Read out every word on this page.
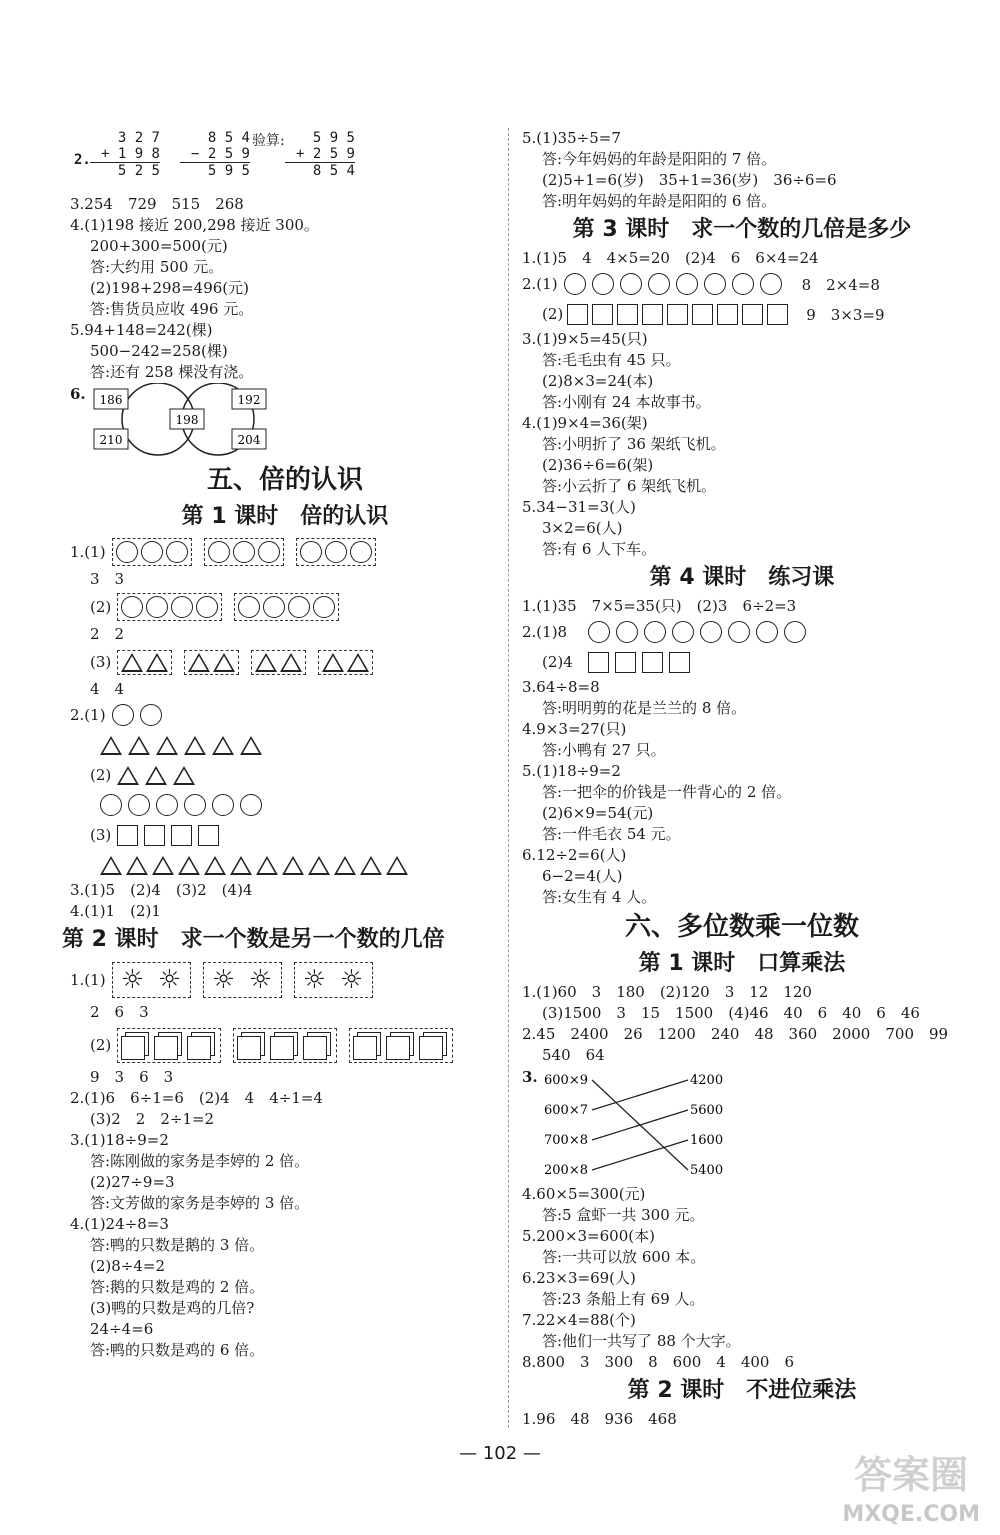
2.
3 2 7
+ 1 9 8
5 2 5
8 5 4
− 2 5 9
5 9 5
验算:	5 9 5
+ 2 5 9
8 5 4
3.254　729　515　268
4.(1)198 接近 200,298 接近 300。
200+300=500(元)
答:大约用 500 元。
(2)198+298=496(元)
答:售货员应收 496 元。
5.94+148=242(棵)
500−242=258(棵)
答:还有 258 棵没有浇。
6. 186
210
198
192
204
五、倍的认识
第 1 课时　倍的认识
1.(1)
3　3
(2)
2　2
(3)
4　4
2.(1)
(2)
(3)
3.(1)5　(2)4　(3)2　(4)4
4.(1)1　(2)1
第 2 课时　求一个数是另一个数的几倍
1.(1) ☼ ☼ ☼ ☼ ☼ ☼
2　6　3
(2)
9　3　6　3
2.(1)6　6÷1=6　(2)4　4　4÷1=4
(3)2　2　2÷1=2
3.(1)18÷9=2
答:陈刚做的家务是李婷的 2 倍。
(2)27÷9=3
答:文芳做的家务是李婷的 3 倍。
4.(1)24÷8=3
答:鸭的只数是鹅的 3 倍。
(2)8÷4=2
答:鹅的只数是鸡的 2 倍。
(3)鸭的只数是鸡的几倍?
24÷4=6
答:鸭的只数是鸡的 6 倍。
5.(1)35÷5=7
答:今年妈妈的年龄是阳阳的 7 倍。
(2)5+1=6(岁)　35+1=36(岁)　36÷6=6
答:明年妈妈的年龄是阳阳的 6 倍。
第 3 课时　求一个数的几倍是多少
1.(1)5　4　4×5=20　(2)4　6　6×4=24
2.(1)	8　2×4=8
(2)	9　3×3=9
3.(1)9×5=45(只)
答:毛毛虫有 45 只。
(2)8×3=24(本)
答:小刚有 24 本故事书。
4.(1)9×4=36(架)
答:小明折了 36 架纸飞机。
(2)36÷6=6(架)
答:小云折了 6 架纸飞机。
5.34−31=3(人)
3×2=6(人)
答:有 6 人下车。
第 4 课时　练习课
1.(1)35　7×5=35(只)　(2)3　6÷2=3
2.(1)8
(2)4
3.64÷8=8
答:明明剪的花是兰兰的 8 倍。
4.9×3=27(只)
答:小鸭有 27 只。
5.(1)18÷9=2
答:一把伞的价钱是一件背心的 2 倍。
(2)6×9=54(元)
答:一件毛衣 54 元。
6.12÷2=6(人)
6−2=4(人)
答:女生有 4 人。
六、多位数乘一位数
第 1 课时　口算乘法
1.(1)60　3　180　(2)120　3　12　120
(3)1500　3　15　1500　(4)46　40　6　40　6　46
2.45　2400　26　1200　240　48　360　2000　700　99
540　64
3. 600×9
600×7
700×8
200×8
4200
5600
1600
5400
4.60×5=300(元)
答:5 盒虾一共 300 元。
5.200×3=600(本)
答:一共可以放 600 本。
6.23×3=69(人)
答:23 条船上有 69 人。
7.22×4=88(个)
答:他们一共写了 88 个大字。
8.800　3　300　8　600　4　400　6
第 2 课时　不进位乘法
1.96　48　936　468
— 102 —	答案圈
MXQE.COM
